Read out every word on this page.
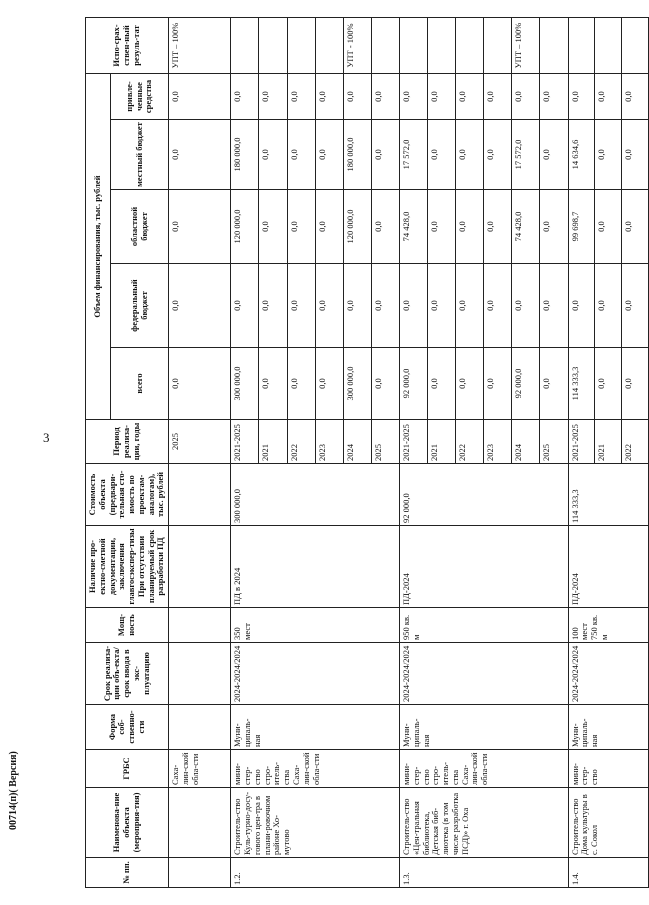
3
00714(п)( Версия)
№ пп.	Наименова-ние объекта (мероприя-тия)	ГРБС	Форма соб-ственно-сти	Срок реализа-ции объ-екта/срок ввода в экс-плуатацию	Мощ-ность	Наличие про-ектно-сметной документации, заключения главгосэкспер-тизы При отсутствии планируемый срок разработки ПД	Стоимость объекта (предвари-тельная сто-имость по проектам-аналогам), тыс. рублей	Период реализа-ции, годы	Объем финансирования, тыс. рублей					Испо-срах-ствен-ный резуль-тат
									всего	федеральный бюджет	областной бюджет	местный бюджет	привле-ченные средства	
		Саха-лин-ской обла-сти						2025	0,0	0,0	0,0	0,0	0,0	УПТ – 100%
1.2.	Строитель-ство Куль-турно-досу-гового цен-тра в плани-ровочном районе Хо-мутово	мини-стер-ство стро-итель-ства Саха-лин-ской обла-сти	Муни-ципаль-ная	2024-2024/2024	350 мест	ПД в 2024	300 000,0	2021-2025	300 000,0	0,0	120 000,0	180 000,0	0,0	
								2021	0,0	0,0	0,0	0,0	0,0	
								2022	0,0	0,0	0,0	0,0	0,0	
								2023	0,0	0,0	0,0	0,0	0,0	
								2024	300 000,0	0,0	120 000,0	180 000,0	0,0	УПТ - 100%
								2025	0,0	0,0	0,0	0,0	0,0	
1.3.	Строитель-ство «Цен-тральная библиотека, Детская биб-лиотека (в том числе разработка ПСД)» г. Оха	мини-стер-ство стро-итель-ства Саха-лин-ской обла-сти	Муни-ципаль-ная	2024-2024/2024	950 кв. м	ПД-2024	92 000,0	2021-2025	92 000,0	0,0	74 428,0	17 572,0	0,0	
								2021	0,0	0,0	0,0	0,0	0,0	
								2022	0,0	0,0	0,0	0,0	0,0	
								2023	0,0	0,0	0,0	0,0	0,0	
								2024	92 000,0	0,0	74 428,0	17 572,0	0,0	УПТ – 100%
								2025	0,0	0,0	0,0	0,0	0,0	
1.4.	Строитель-ство Дома культуры в с. Сокол	мини-стер-ство	Муни-ципаль-ная	2024-2024/2024	100 мест 750 кв. м	ПД-2024	114 333,3	2021-2025	114 333,3	0,0	99 698,7	14 634,6	0,0	
								2021	0,0	0,0	0,0	0,0	0,0	
								2022	0,0	0,0	0,0	0,0	0,0	
